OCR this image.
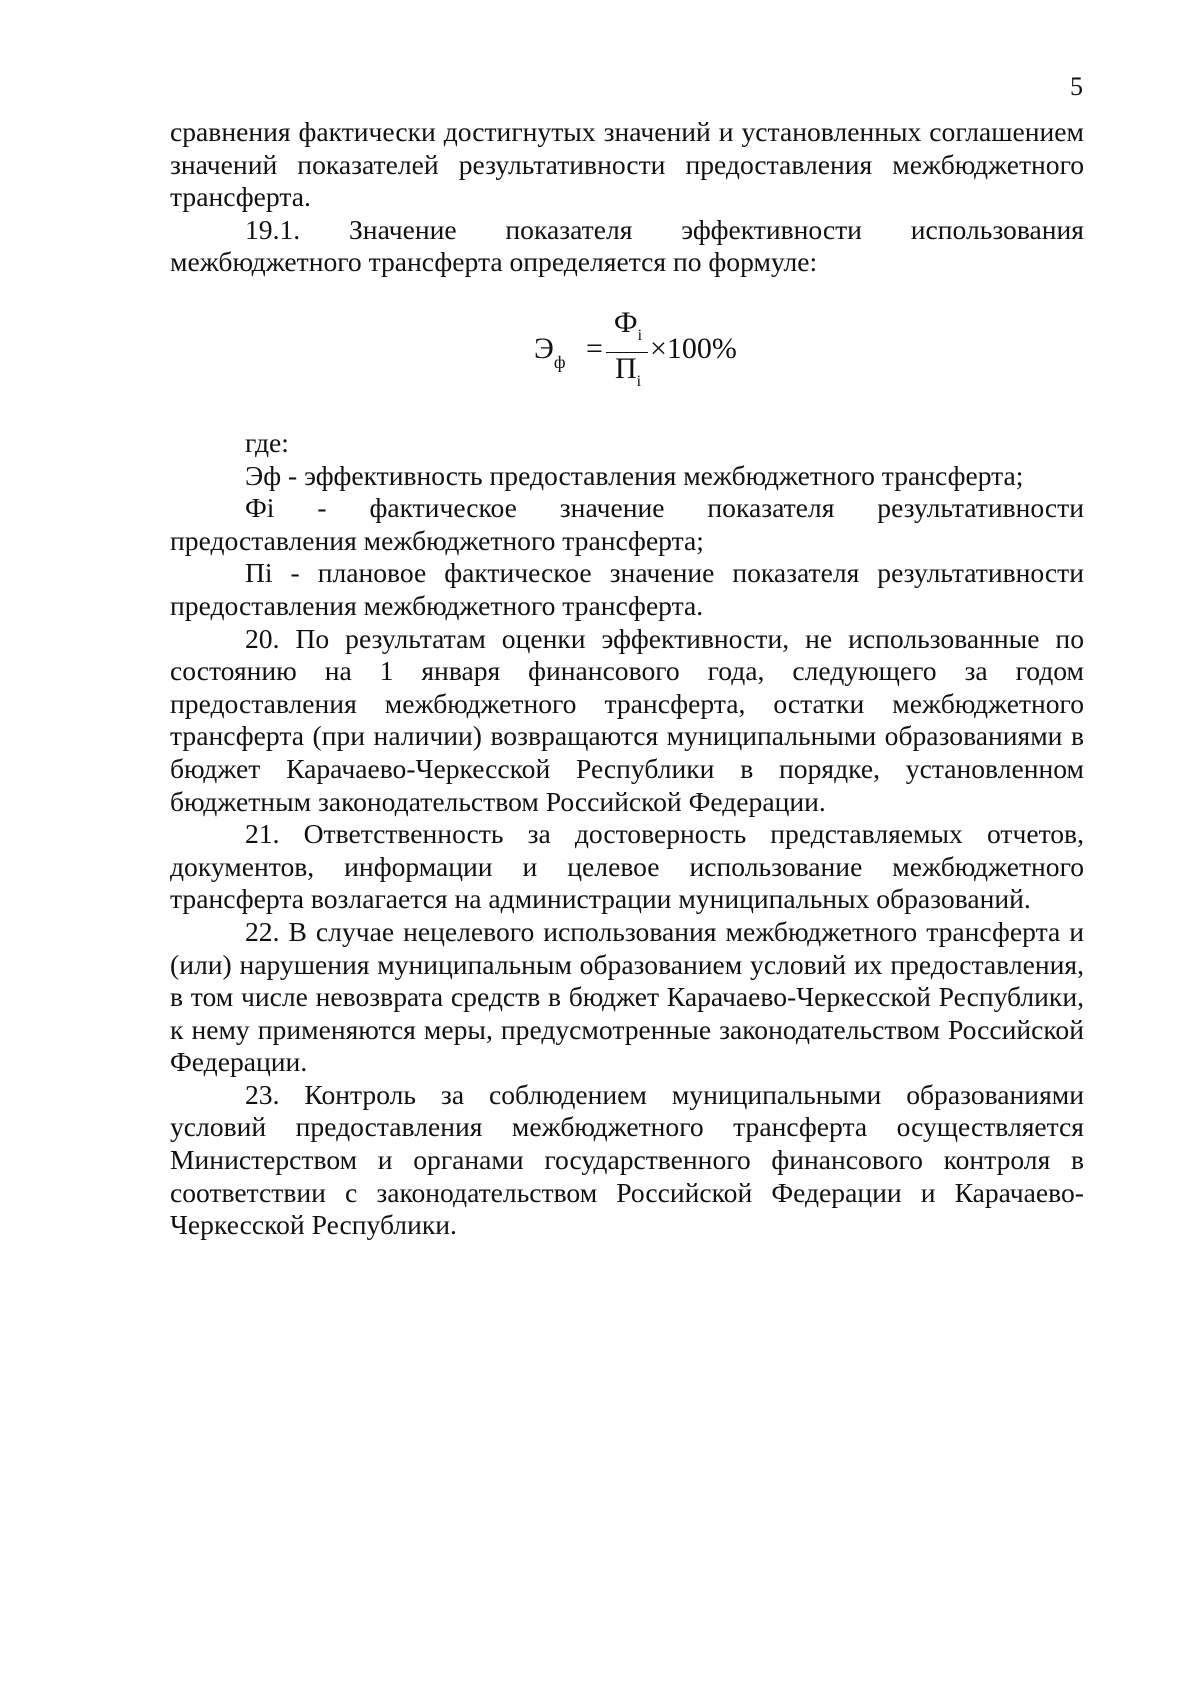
5

сравнения фактически достигнутых значений и установленных соглашением значений показателей результативности предоставления межбюджетного трансферта.

19.1. Значение показателя эффективности использования межбюджетного трансферта определяется по формуле:

$Э_ф$ =
$Ф_i$
$П_i$
×100%

где:

Эф - эффективность предоставления межбюджетного трансферта;

Фi - фактическое значение показателя результативности предоставления межбюджетного трансферта;

Пi - плановое фактическое значение показателя результативности предоставления межбюджетного трансферта.

20. По результатам оценки эффективности, не использованные по состоянию на 1 января финансового года, следующего за годом предоставления межбюджетного трансферта, остатки межбюджетного трансферта (при наличии) возвращаются муниципальными образованиями в бюджет Карачаево-Черкесской Республики в порядке, установленном бюджетным законодательством Российской Федерации.

21. Ответственность за достоверность представляемых отчетов, документов, информации и целевое использование межбюджетного трансферта возлагается на администрации муниципальных образований.

22. В случае нецелевого использования межбюджетного трансферта и (или) нарушения муниципальным образованием условий их предоставления, в том числе невозврата средств в бюджет Карачаево-Черкесской Республики, к нему применяются меры, предусмотренные законодательством Российской Федерации.

23. Контроль за соблюдением муниципальными образованиями условий предоставления межбюджетного трансферта осуществляется Министерством и органами государственного финансового контроля в соответствии с законодательством Российской Федерации и Карачаево-Черкесской Республики.
